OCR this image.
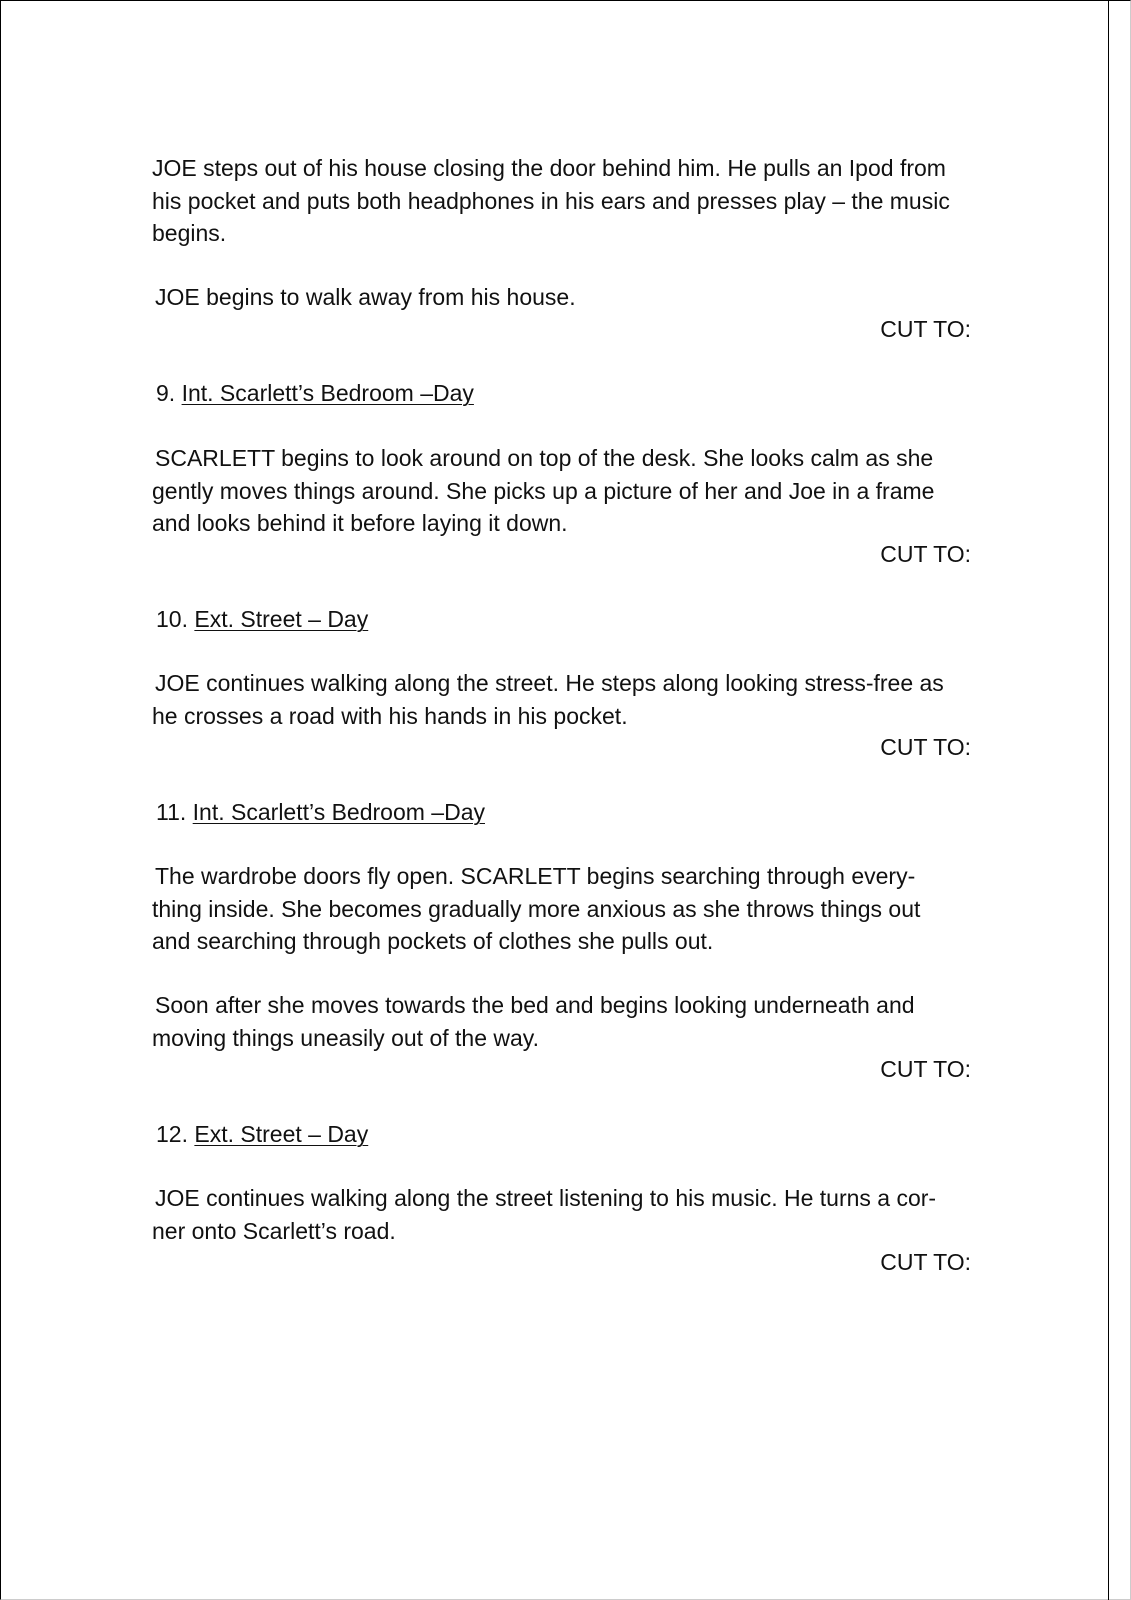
JOE steps out of his house closing the door behind him. He pulls an Ipod from
his pocket and puts both headphones in his ears and presses play – the music
begins.

JOE begins to walk away from his house.

CUT TO:

9. Int. Scarlett’s Bedroom –Day

SCARLETT begins to look around on top of the desk. She looks calm as she
gently moves things around. She picks up a picture of her and Joe in a frame
and looks behind it before laying it down.

CUT TO:

10. Ext. Street – Day

JOE continues walking along the street. He steps along looking stress-free as
he crosses a road with his hands in his pocket.

CUT TO:

11. Int. Scarlett’s Bedroom –Day

The wardrobe doors fly open. SCARLETT begins searching through every-
thing inside. She becomes gradually more anxious as she throws things out
and searching through pockets of clothes she pulls out.

Soon after she moves towards the bed and begins looking underneath and
moving things uneasily out of the way.

CUT TO:

12. Ext. Street – Day

JOE continues walking along the street listening to his music. He turns a cor-
ner onto Scarlett’s road.

CUT TO:
